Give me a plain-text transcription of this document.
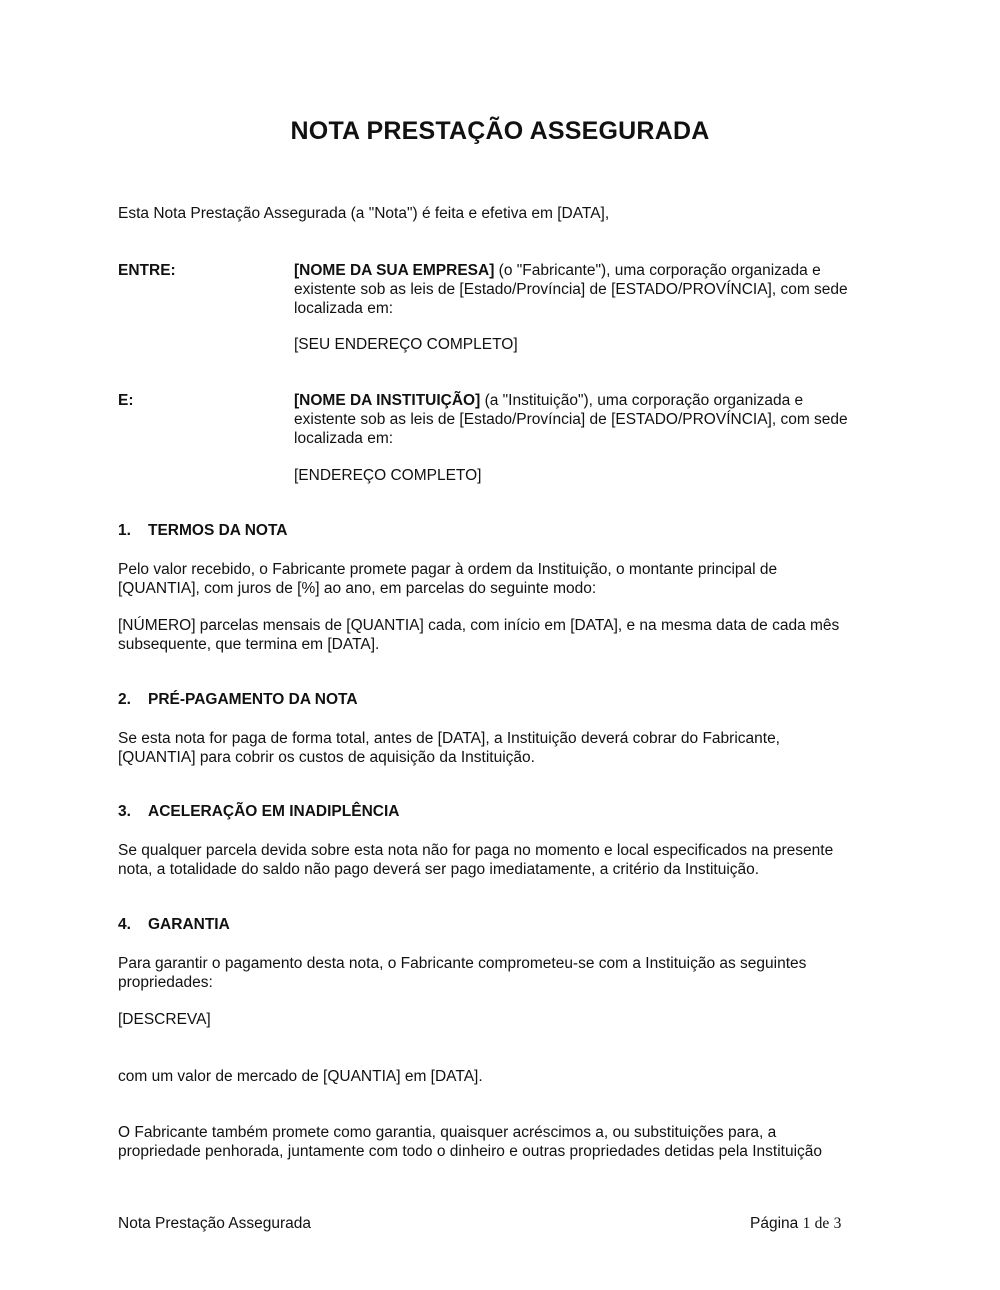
NOTA PRESTAÇÃO ASSEGURADA
Esta Nota Prestação Assegurada (a "Nota") é feita e efetiva em [DATA],
ENTRE:	[NOME DA SUA EMPRESA] (o "Fabricante"), uma corporação organizada e
existente sob as leis de [Estado/Província] de [ESTADO/PROVÍNCIA], com sede
localizada em:
[SEU ENDEREÇO COMPLETO]
E:	[NOME DA INSTITUIÇÃO] (a "Instituição"), uma corporação organizada e
existente sob as leis de [Estado/Província] de [ESTADO/PROVÍNCIA], com sede
localizada em:
[ENDEREÇO COMPLETO]
1. TERMOS DA NOTA
Pelo valor recebido, o Fabricante promete pagar à ordem da Instituição, o montante principal de
[QUANTIA], com juros de [%] ao ano, em parcelas do seguinte modo:
[NÚMERO] parcelas mensais de [QUANTIA] cada, com início em [DATA], e na mesma data de cada mês
subsequente, que termina em [DATA].
2. PRÉ-PAGAMENTO DA NOTA
Se esta nota for paga de forma total, antes de [DATA], a Instituição deverá cobrar do Fabricante,
[QUANTIA] para cobrir os custos de aquisição da Instituição.
3. ACELERAÇÃO EM INADIPLÊNCIA
Se qualquer parcela devida sobre esta nota não for paga no momento e local especificados na presente
nota, a totalidade do saldo não pago deverá ser pago imediatamente, a critério da Instituição.
4. GARANTIA
Para garantir o pagamento desta nota, o Fabricante comprometeu-se com a Instituição as seguintes
propriedades:
[DESCREVA]
com um valor de mercado de [QUANTIA] em [DATA].
O Fabricante também promete como garantia, quaisquer acréscimos a, ou substituições para, a
propriedade penhorada, juntamente com todo o dinheiro e outras propriedades detidas pela Instituição
Nota Prestação Assegurada	Página 1 de 3
